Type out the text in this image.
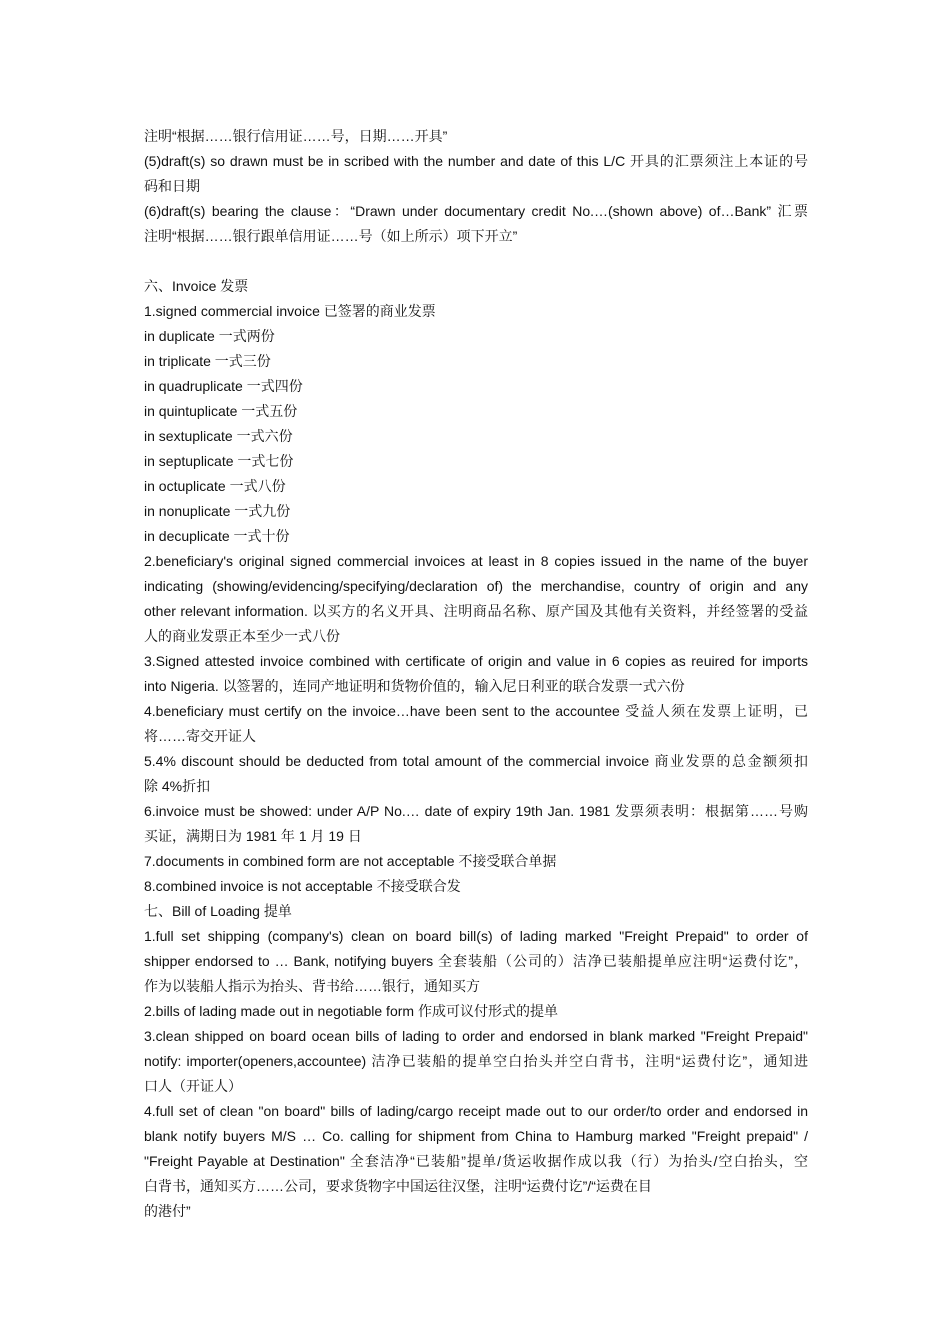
注明“根据……银行信用证……号，日期……开具”
(5)draft(s) so drawn must be in scribed with the number and date of this L/C 开具的汇票须注上本证的号
码和日期
(6)draft(s) bearing the clause：“Drawn under documentary credit No.…(shown above) of…Bank” 汇票
注明“根据……银行跟单信用证……号（如上所示）项下开立”
六、Invoice 发票
1.signed commercial invoice 已签署的商业发票
in duplicate 一式两份
in triplicate 一式三份
in quadruplicate 一式四份
in quintuplicate 一式五份
in sextuplicate 一式六份
in septuplicate 一式七份
in octuplicate 一式八份
in nonuplicate 一式九份
in decuplicate 一式十份
2.beneficiary's original signed commercial invoices at least in 8 copies issued in the name of the buyer
indicating (showing/evidencing/specifying/declaration of) the merchandise, country of origin and any
other relevant information. 以买方的名义开具、注明商品名称、原产国及其他有关资料，并经签署的受益
人的商业发票正本至少一式八份
3.Signed attested invoice combined with certificate of origin and value in 6 copies as reuired for imports
into Nigeria. 以签署的，连同产地证明和货物价值的，输入尼日利亚的联合发票一式六份
4.beneficiary must certify on the invoice…have been sent to the accountee 受益人须在发票上证明，已
将……寄交开证人
5.4% discount should be deducted from total amount of the commercial invoice 商业发票的总金额须扣
除 4%折扣
6.invoice must be showed: under A/P No.… date of expiry 19th Jan. 1981 发票须表明：根据第……号购
买证，满期日为 1981 年 1 月 19 日
7.documents in combined form are not acceptable 不接受联合单据
8.combined invoice is not acceptable 不接受联合发
七、Bill of Loading 提单
1.full set shipping (company's) clean on board bill(s) of lading marked "Freight Prepaid" to order of
shipper endorsed to … Bank, notifying buyers 全套装船（公司的）洁净已装船提单应注明“运费付讫”，
作为以装船人指示为抬头、背书给……银行，通知买方
2.bills of lading made out in negotiable form 作成可议付形式的提单
3.clean shipped on board ocean bills of lading to order and endorsed in blank marked "Freight Prepaid"
notify: importer(openers,accountee) 洁净已装船的提单空白抬头并空白背书，注明“运费付讫”，通知进
口人（开证人）
4.full set of clean "on board" bills of lading/cargo receipt made out to our order/to order and endorsed in
blank notify buyers M/S … Co. calling for shipment from China to Hamburg marked "Freight prepaid" /
"Freight Payable at Destination" 全套洁净“已装船”提单/货运收据作成以我（行）为抬头/空白抬头，空
白背书，通知买方……公司，要求货物字中国运往汉堡，注明“运费付讫”/“运费在目
的港付”
